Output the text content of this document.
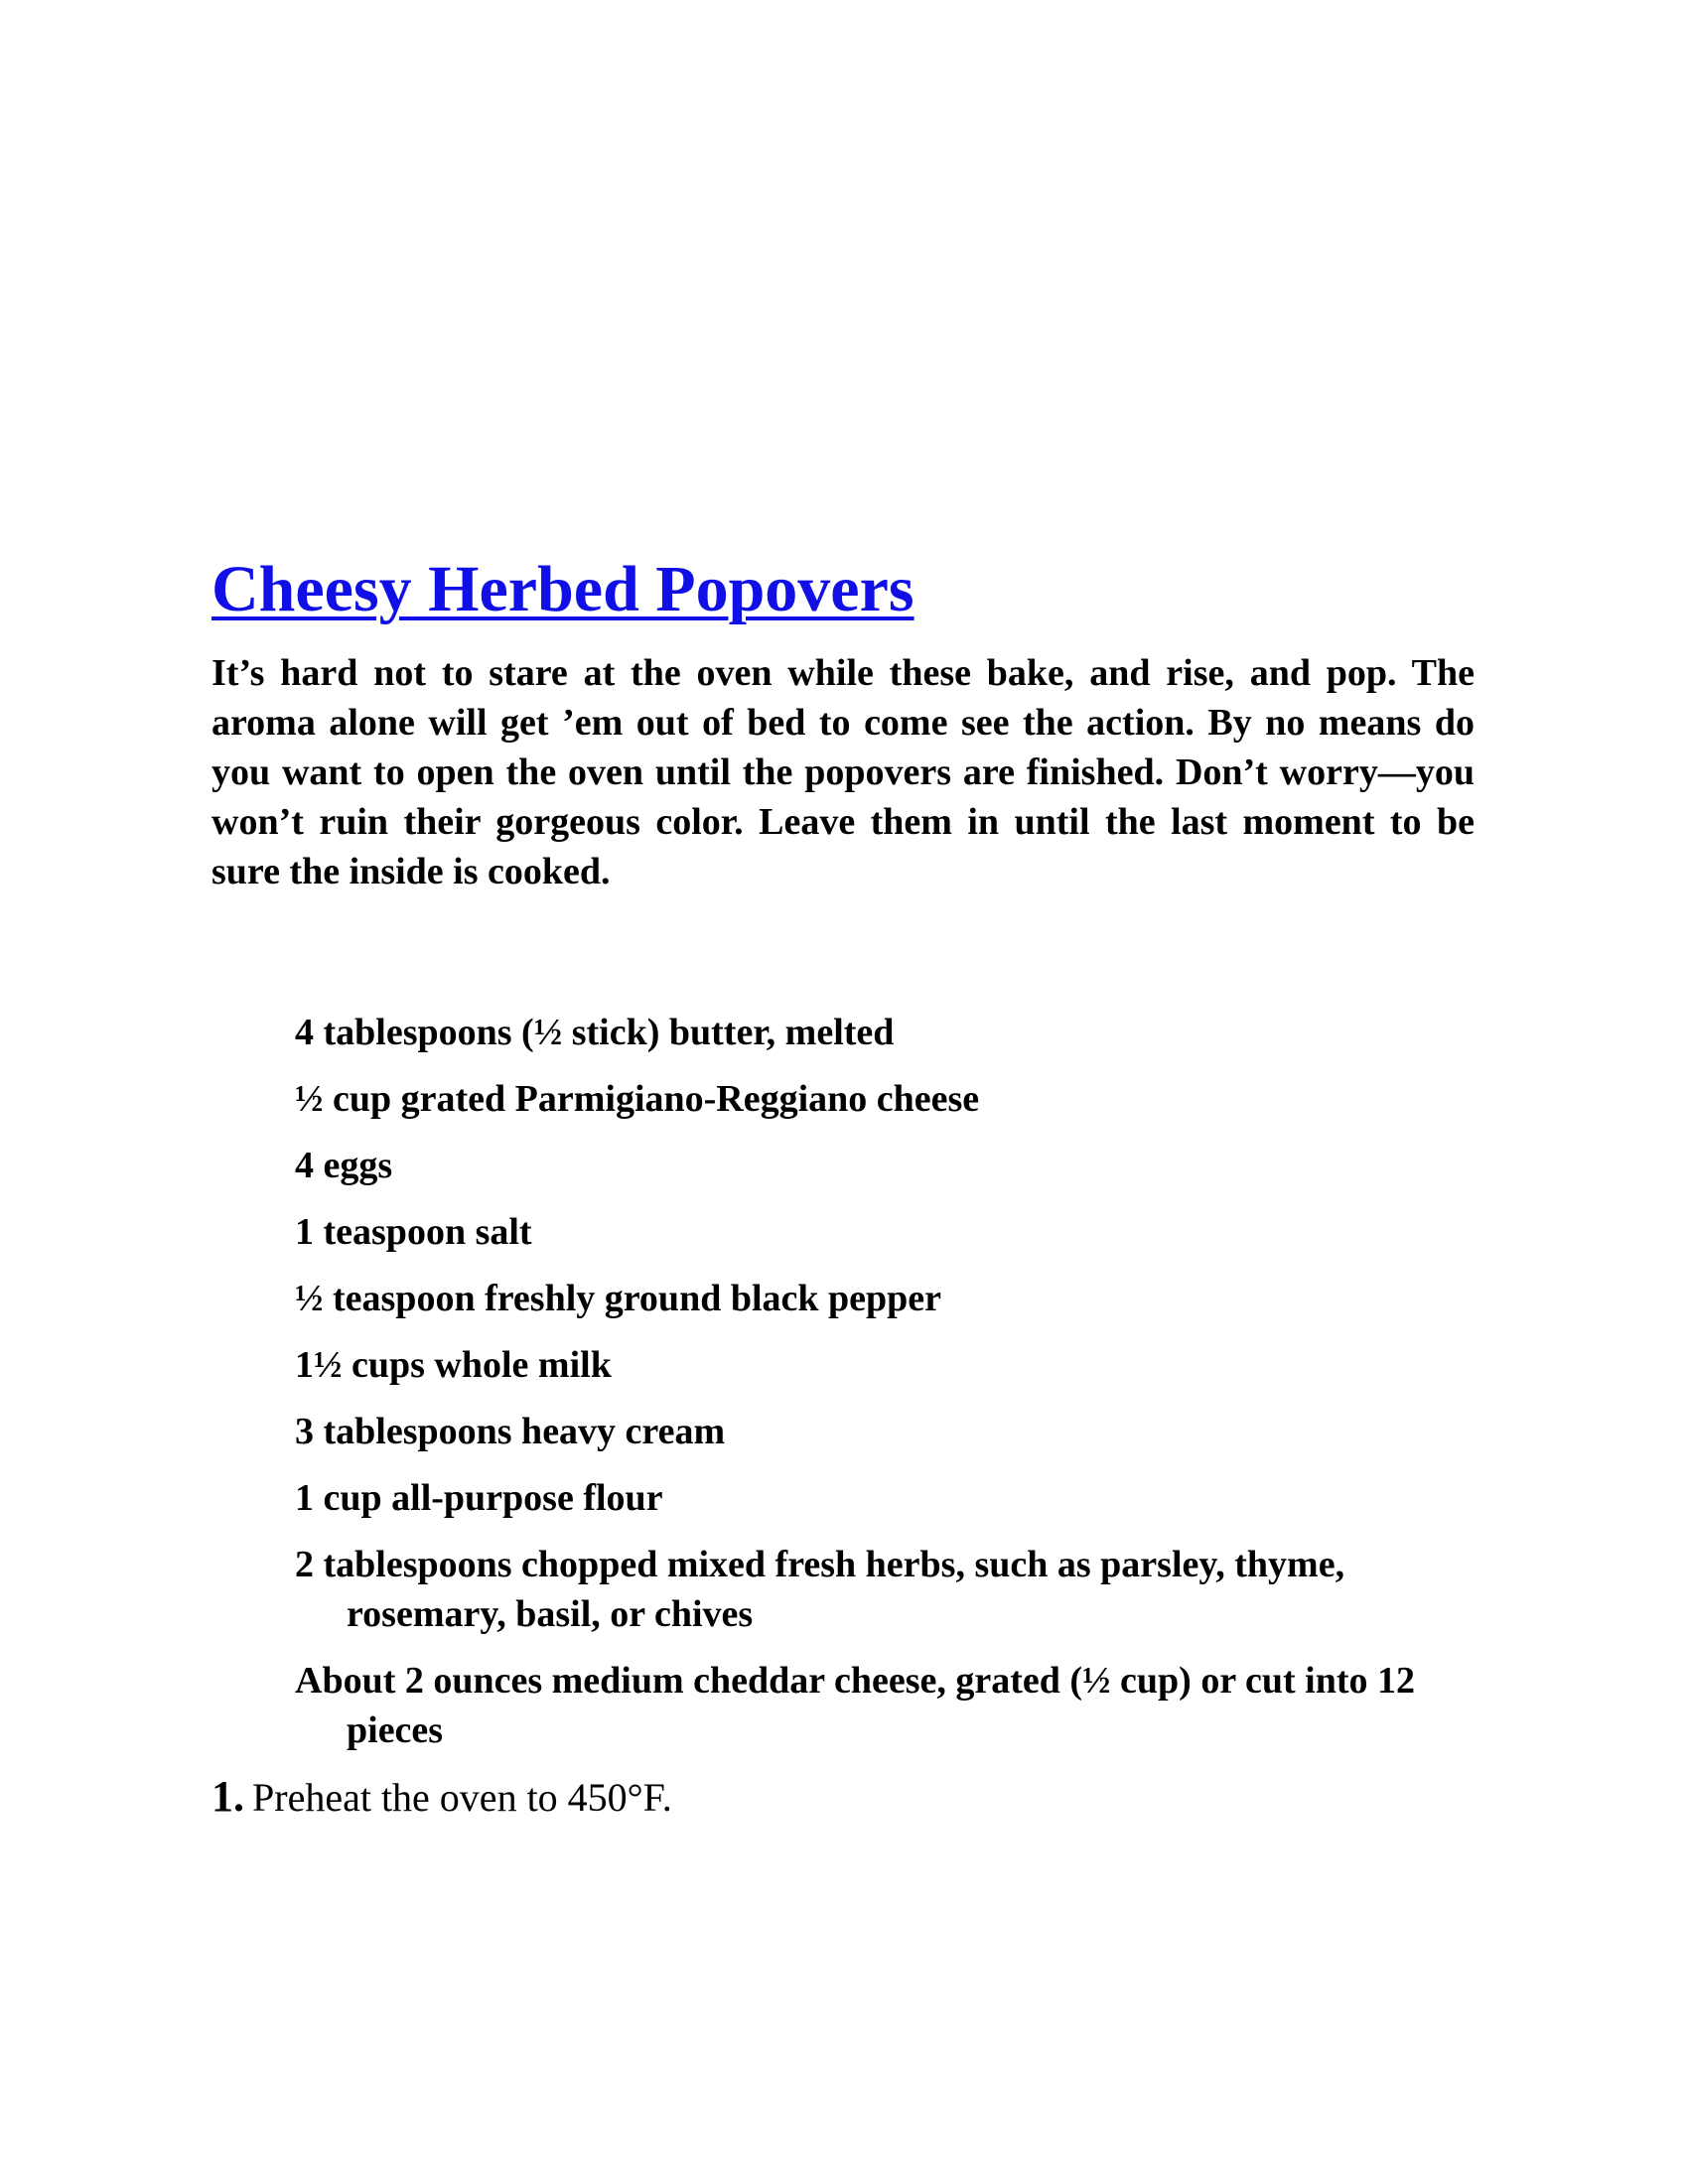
Cheesy Herbed Popovers

It’s hard not to stare at the oven while these bake, and rise, and pop. The aroma alone will get ’em out of bed to come see the action. By no means do you want to open the oven until the popovers are finished. Don’t worry—you won’t ruin their gorgeous color. Leave them in until the last moment to be sure the inside is cooked.

4 tablespoons (½ stick) butter, melted
½ cup grated Parmigiano-Reggiano cheese
4 eggs
1 teaspoon salt
½ teaspoon freshly ground black pepper
1½ cups whole milk
3 tablespoons heavy cream
1 cup all-purpose flour
2 tablespoons chopped mixed fresh herbs, such as parsley, thyme, rosemary, basil, or chives
About 2 ounces medium cheddar cheese, grated (½ cup) or cut into 12 pieces

1. Preheat the oven to 450°F.
